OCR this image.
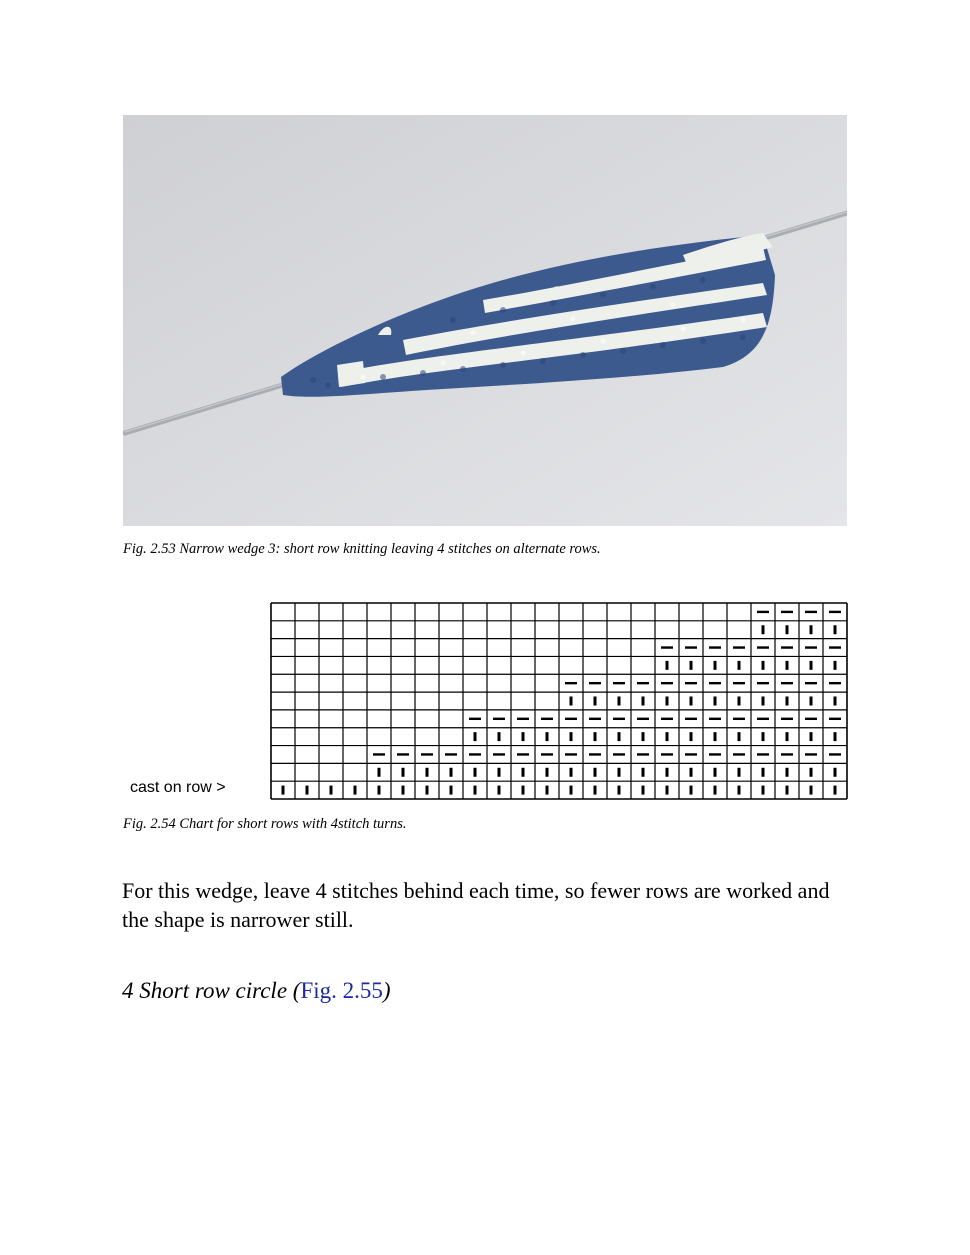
Fig. 2.53 Narrow wedge 3: short row knitting leaving 4 stitches on alternate rows.
cast on row >
Fig. 2.54 Chart for short rows with 4stitch turns.

For this wedge, leave 4 stitches behind each time, so fewer rows are worked and the shape is narrower still.

4 Short row circle (Fig. 2.55)
